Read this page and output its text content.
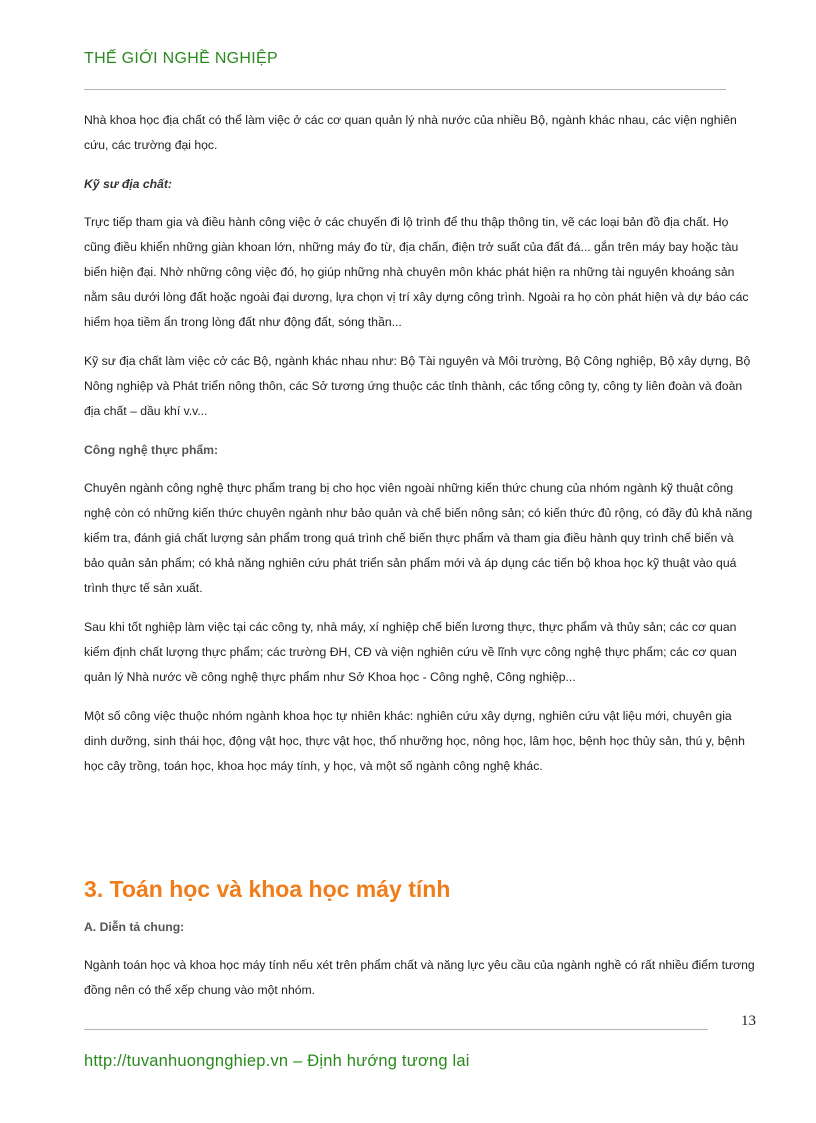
THẾ GIỚI NGHỀ NGHIỆP

Nhà khoa học địa chất có thể làm việc ở các cơ quan quản lý nhà nước của nhiều Bộ, ngành khác nhau, các viện nghiên cứu, các trường đại học.

Kỹ sư địa chất:

Trực tiếp tham gia và điều hành công việc ở các chuyến đi lộ trình để thu thập thông tin, vẽ các loại bản đồ địa chất. Họ cũng điều khiển những giàn khoan lớn, những máy đo từ, địa chấn, điện trở suất của đất đá... gắn trên máy bay hoặc tàu biển hiện đại. Nhờ những công việc đó, họ giúp những nhà chuyên môn khác phát hiện ra những tài nguyên khoáng sản nằm sâu dưới lòng đất hoặc ngoài đại dương, lựa chọn vị trí xây dựng công trình. Ngoài ra họ còn phát hiện và dự báo các hiểm họa tiềm ẩn trong lòng đất như động đất, sóng thần...

Kỹ sư địa chất làm việc cở các Bộ, ngành khác nhau như: Bộ Tài nguyên và Môi trường, Bộ Công nghiệp, Bộ xây dựng, Bộ Nông nghiệp và Phát triển nông thôn, các Sở tương ứng thuộc các tỉnh thành, các tổng công ty, công ty liên đoàn và đoàn địa chất – dầu khí v.v...

Công nghệ thực phẩm:

Chuyên ngành công nghệ thực phẩm trang bị cho học viên ngoài những kiến thức chung của nhóm ngành kỹ thuật công nghệ còn có những kiến thức chuyên ngành như bảo quản và chế biến nông sản; có kiến thức đủ rộng, có đầy đủ khả năng kiểm tra, đánh giá chất lượng sản phẩm trong quá trình chế biến thực phẩm và tham gia điều hành quy trình chế biến và bảo quản sản phẩm; có khả năng nghiên cứu phát triển sản phẩm mới và áp dụng các tiến bộ khoa học kỹ thuật vào quá trình thực tế sản xuất.

Sau khi tốt nghiệp làm việc tại các công ty, nhà máy, xí nghiệp chế biến lương thực, thực phẩm và thủy sản; các cơ quan kiểm định chất lượng thực phẩm; các trường ĐH, CĐ và viện nghiên cứu về lĩnh vực công nghệ thực phẩm; các cơ quan quản lý Nhà nước về công nghệ thực phẩm như Sở Khoa học - Công nghệ, Công nghiệp...

Một số công việc thuộc nhóm ngành khoa học tự nhiên khác: nghiên cứu xây dựng, nghiên cứu vật liệu mới, chuyên gia dinh dưỡng, sinh thái học, động vật học, thực vật học, thổ nhưỡng học, nông học, lâm học, bệnh học thủy sản, thú y, bệnh học cây trồng, toán học, khoa học máy tính, y học, và một số ngành công nghệ khác.

3. Toán học và khoa học máy tính
A. Diễn tả chung:

Ngành toán học và khoa học máy tính nếu xét trên phẩm chất và năng lực yêu cầu của ngành nghề có rất nhiều điểm tương đồng nên có thể xếp chung vào một nhóm.

13
http://tuvanhuongnghiep.vn – Định hướng tương lai
